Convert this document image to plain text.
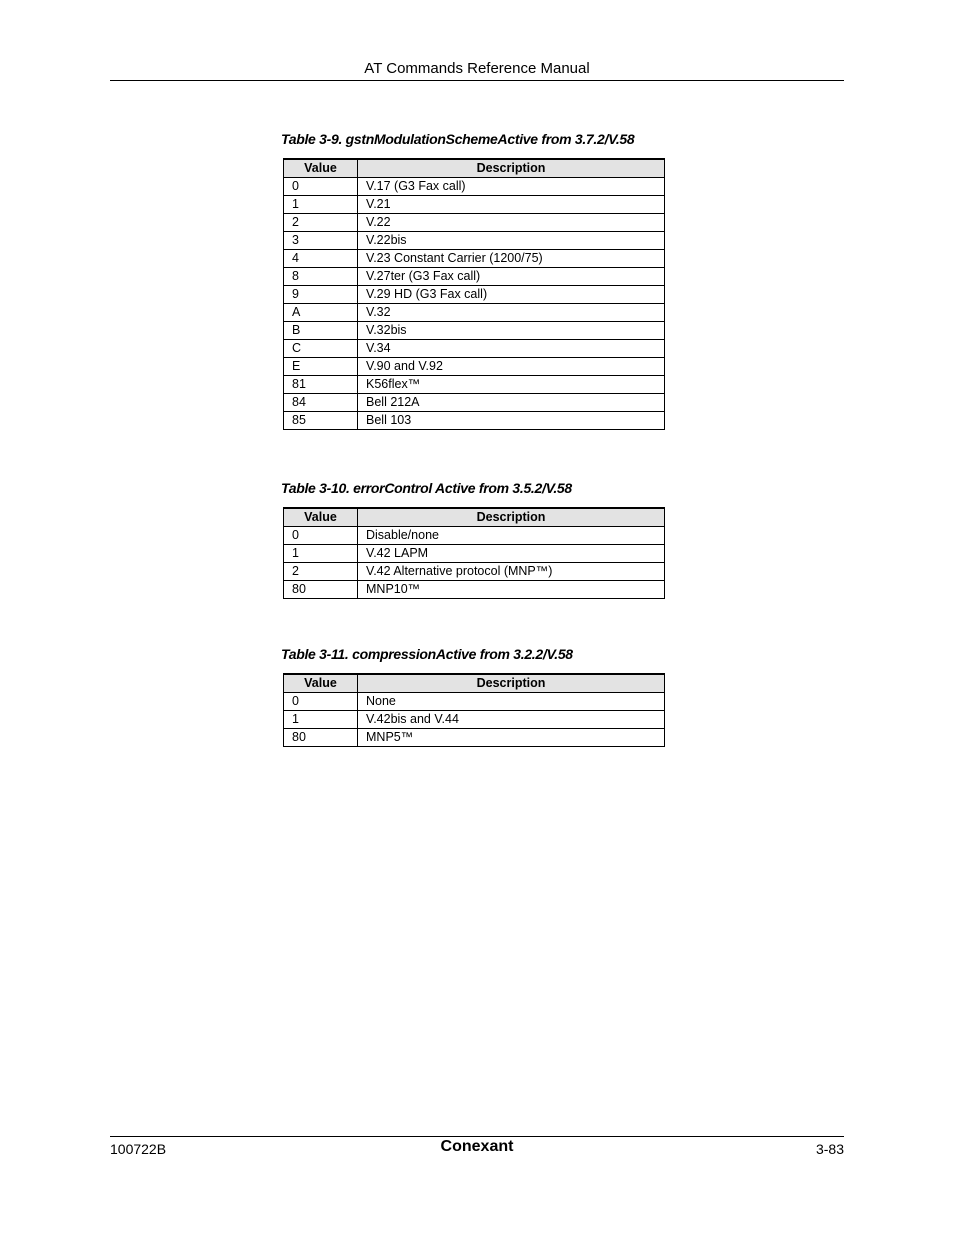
AT Commands Reference Manual
Table 3-9. gstnModulationSchemeActive from 3.7.2/V.58
Value	Description
0	V.17 (G3 Fax call)
1	V.21
2	V.22
3	V.22bis
4	V.23 Constant Carrier (1200/75)
8	V.27ter (G3 Fax call)
9	V.29 HD (G3 Fax call)
A	V.32
B	V.32bis
C	V.34
E	V.90 and V.92
81	K56flex™
84	Bell 212A
85	Bell 103
Table 3-10. errorControl Active from 3.5.2/V.58
Value	Description
0	Disable/none
1	V.42 LAPM
2	V.42 Alternative protocol (MNP™)
80	MNP10™
Table 3-11. compressionActive from 3.2.2/V.58
Value	Description
0	None
1	V.42bis and V.44
80	MNP5™
100722B	Conexant	3-83
